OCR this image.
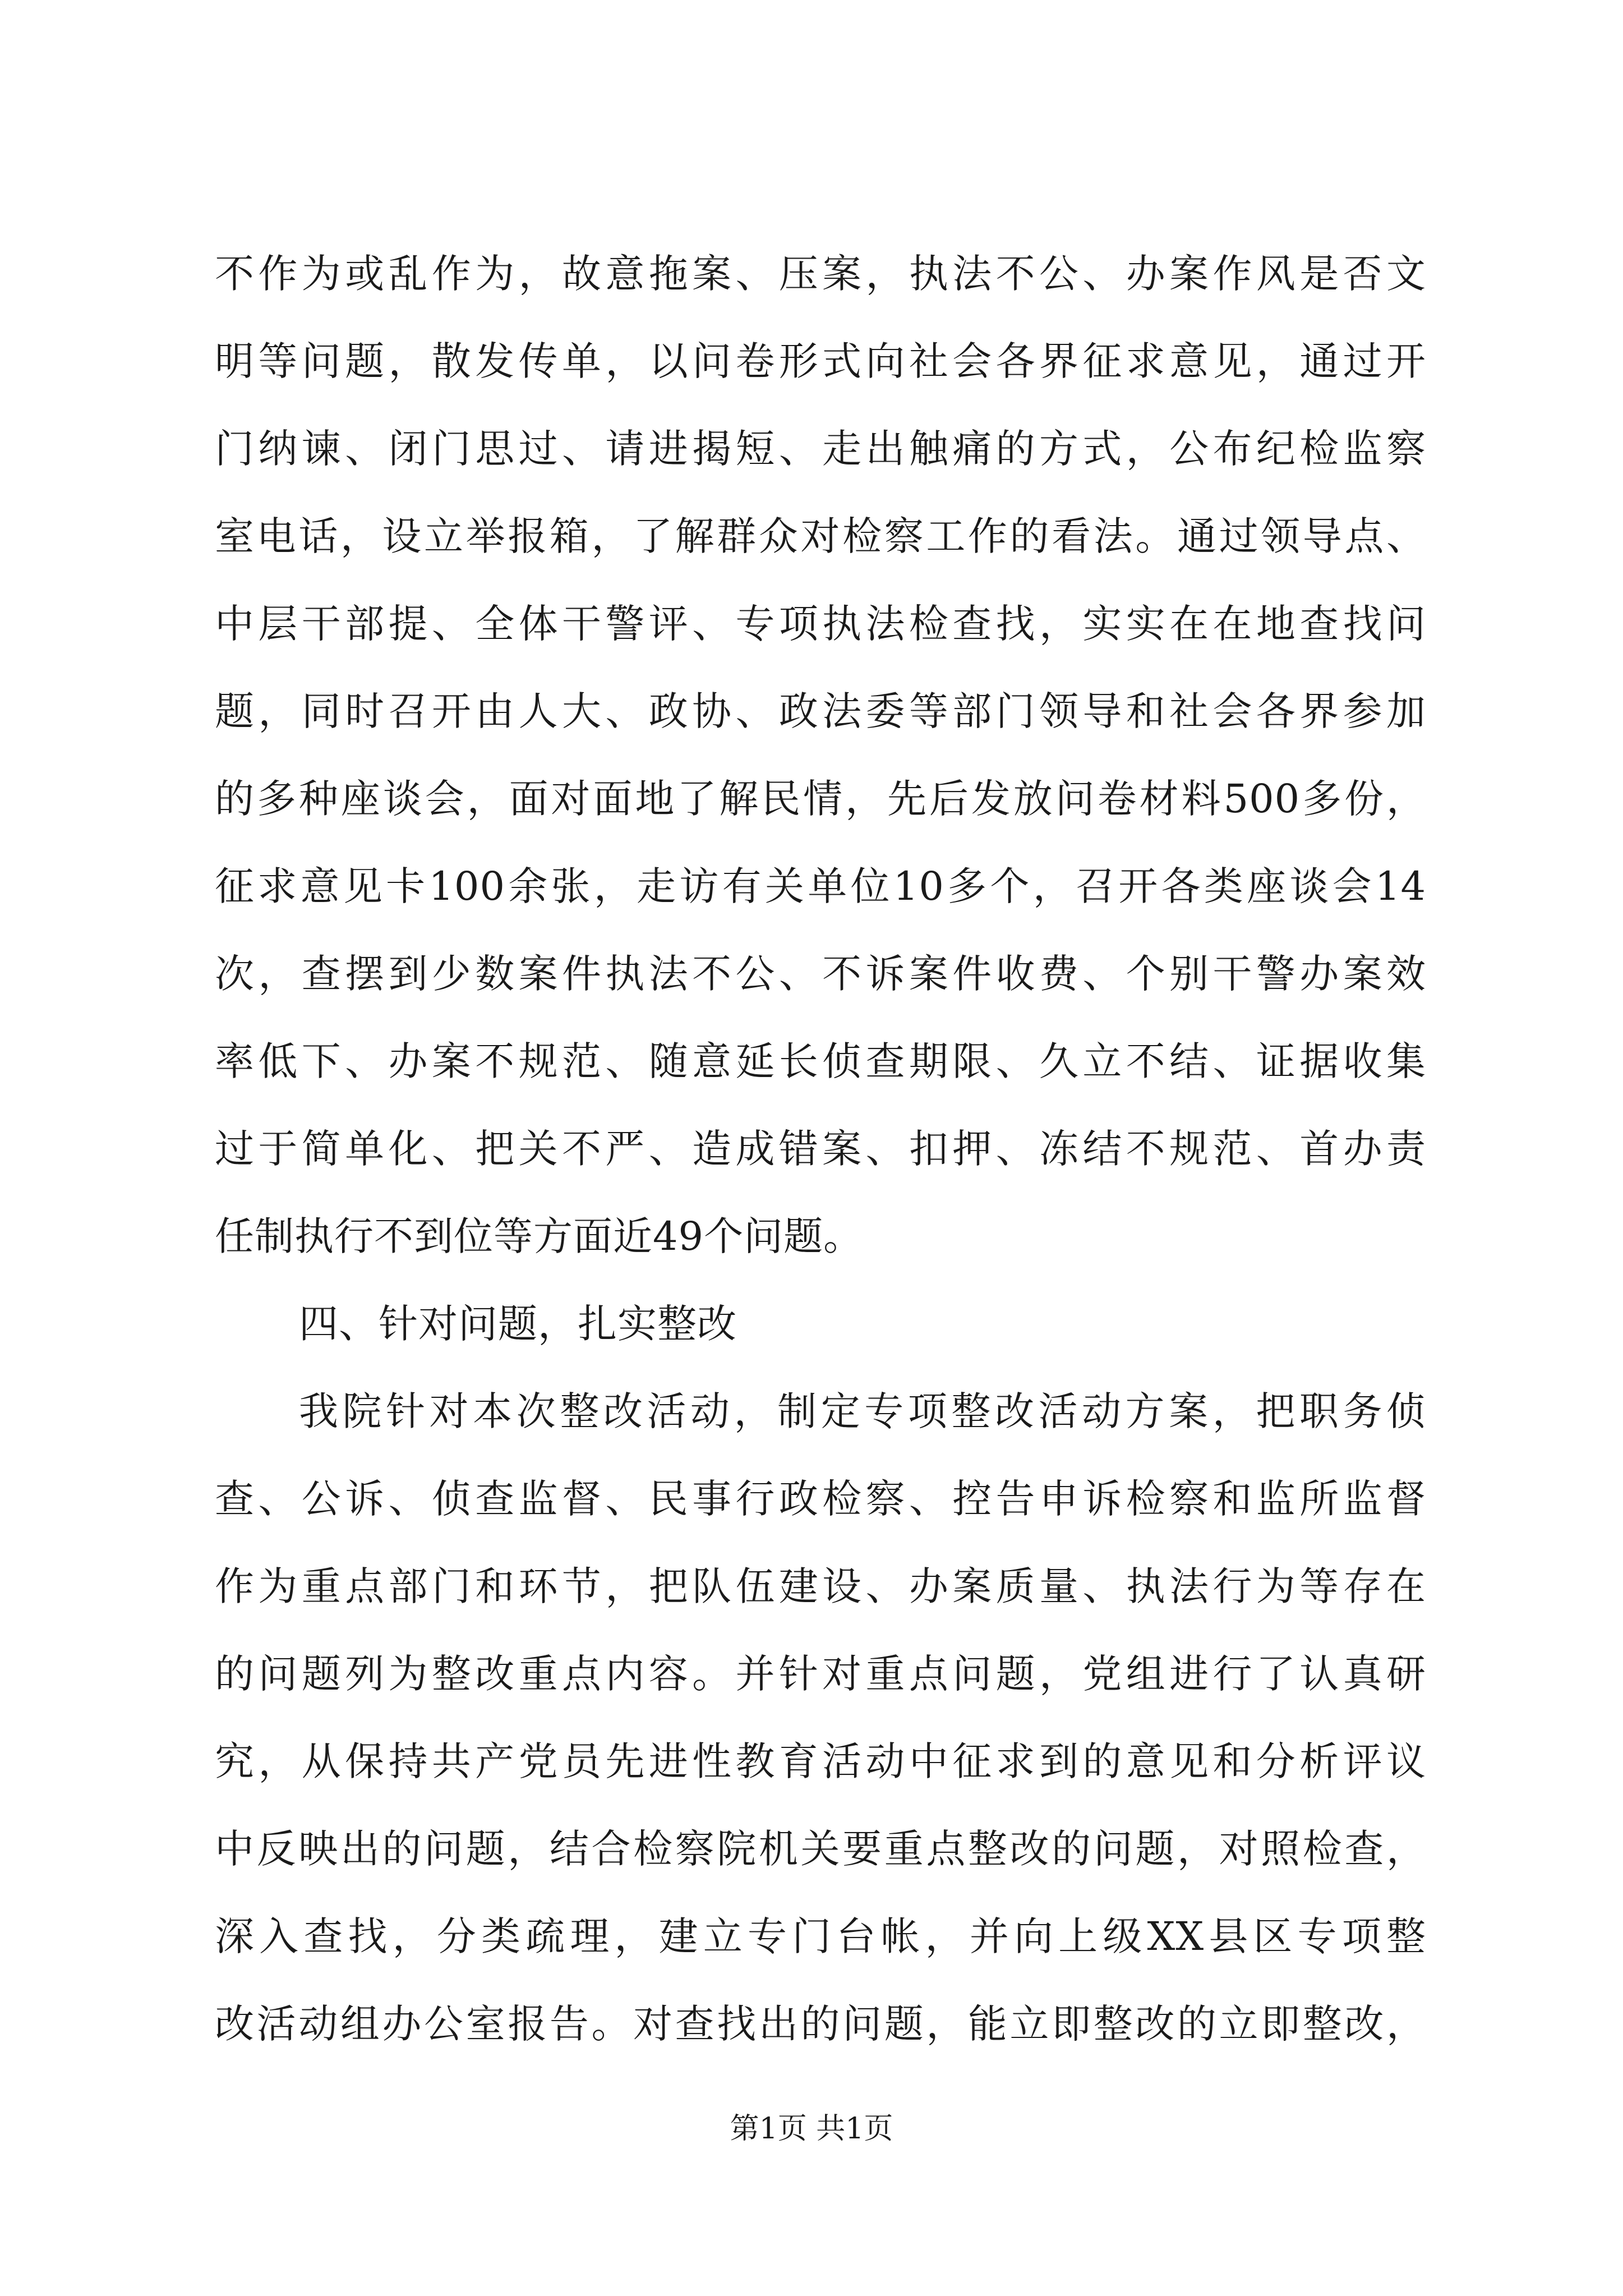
不作为或乱作为，故意拖案、压案，执法不公、办案作风是否文
明等问题，散发传单，以问卷形式向社会各界征求意见，通过开
门纳谏、闭门思过、请进揭短、走出触痛的方式，公布纪检监察
室电话，设立举报箱，了解群众对检察工作的看法。通过领导点、
中层干部提、全体干警评、专项执法检查找，实实在在地查找问
题，同时召开由人大、政协、政法委等部门领导和社会各界参加
的多种座谈会，面对面地了解民情，先后发放问卷材料500多份，
征求意见卡100余张，走访有关单位10多个，召开各类座谈会14
次，查摆到少数案件执法不公、不诉案件收费、个别干警办案效
率低下、办案不规范、随意延长侦查期限、久立不结、证据收集
过于简单化、把关不严、造成错案、扣押、冻结不规范、首办责
任制执行不到位等方面近49个问题。
四、针对问题，扎实整改
我院针对本次整改活动，制定专项整改活动方案，把职务侦
查、公诉、侦查监督、民事行政检察、控告申诉检察和监所监督
作为重点部门和环节，把队伍建设、办案质量、执法行为等存在
的问题列为整改重点内容。并针对重点问题，党组进行了认真研
究，从保持共产党员先进性教育活动中征求到的意见和分析评议
中反映出的问题，结合检察院机关要重点整改的问题，对照检查，
深入查找，分类疏理，建立专门台帐，并向上级XX县区专项整
改活动组办公室报告。对查找出的问题，能立即整改的立即整改，
第1页 共1页
